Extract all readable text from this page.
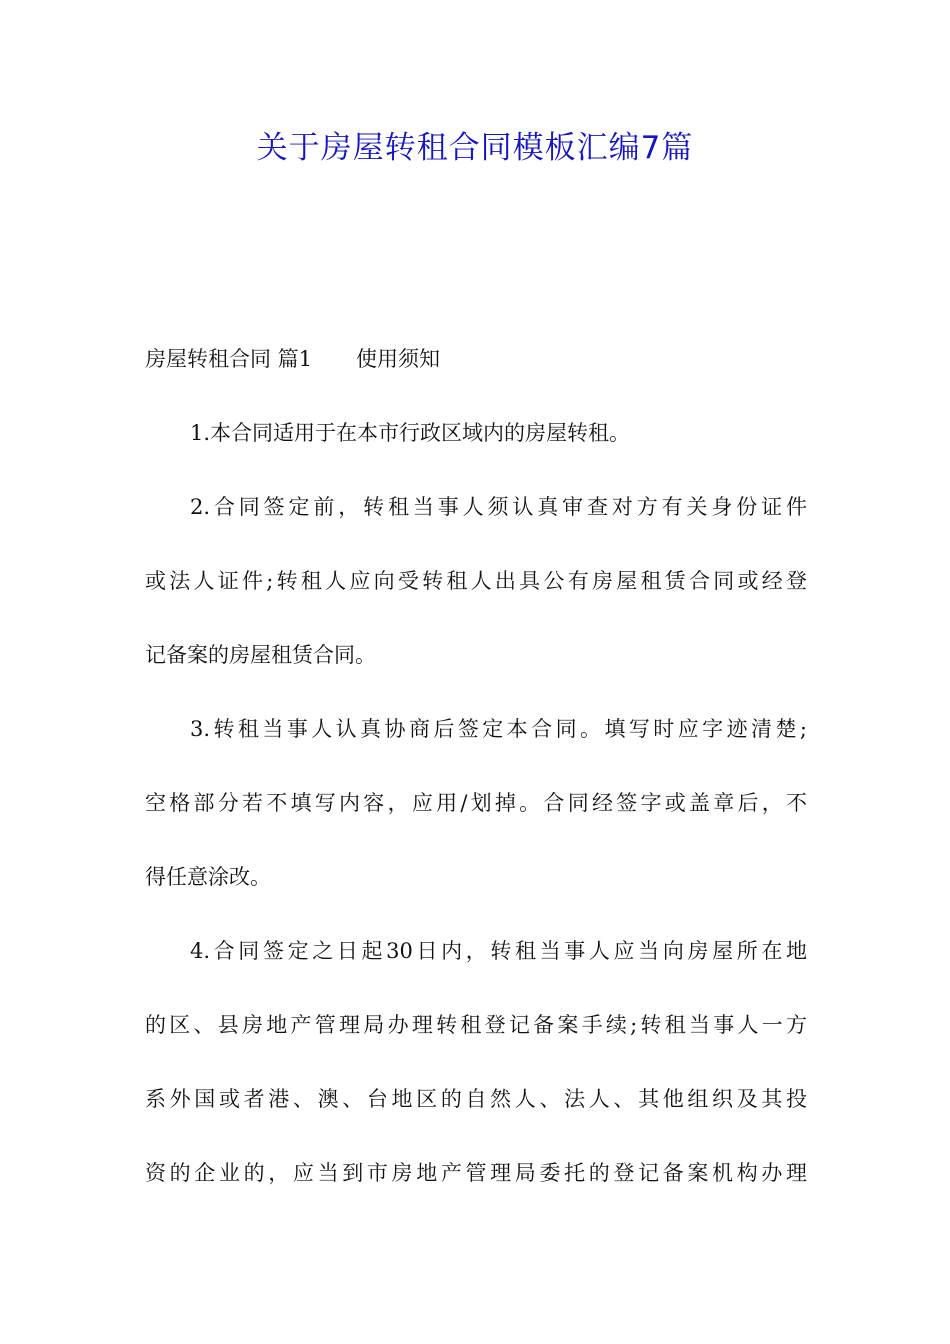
关于房屋转租合同模板汇编7篇
房屋转租合同 篇1 使用须知
1.本合同适用于在本市行政区域内的房屋转租。
2.合同签定前，转租当事人须认真审查对方有关身份证件
或法人证件;转租人应向受转租人出具公有房屋租赁合同或经登
记备案的房屋租赁合同。
3.转租当事人认真协商后签定本合同。填写时应字迹清楚;
空格部分若不填写内容，应用/划掉。合同经签字或盖章后，不
得任意涂改。
4.合同签定之日起30日内，转租当事人应当向房屋所在地
的区、县房地产管理局办理转租登记备案手续;转租当事人一方
系外国或者港、澳、台地区的自然人、法人、其他组织及其投
资的企业的，应当到市房地产管理局委托的登记备案机构办理
